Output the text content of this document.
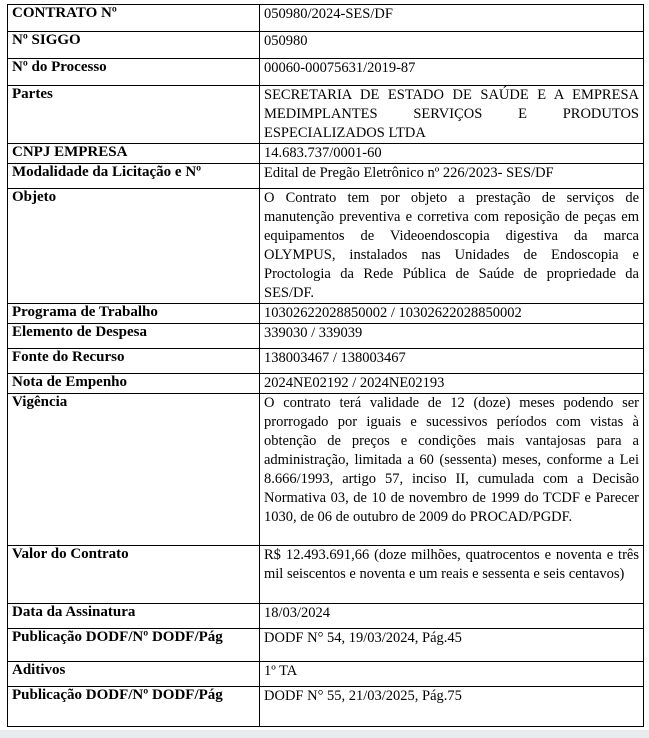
CONTRATO Nº	050980/2024-SES/DF
Nº SIGGO	050980
Nº do Processo	00060-00075631/2019-87
Partes	SECRETARIA DE ESTADO DE SAÚDE E A EMPRESA MEDIMPLANTES SERVIÇOS E PRODUTOS ESPECIALIZADOS LTDA
CNPJ EMPRESA	14.683.737/0001-60
Modalidade da Licitação e Nº	Edital de Pregão Eletrônico nº 226/2023- SES/DF
Objeto	O Contrato tem por objeto a prestação de serviços de manutenção preventiva e corretiva com reposição de peças em equipamentos de Videoendoscopia digestiva da marca OLYMPUS, instalados nas Unidades de Endoscopia e Proctologia da Rede Pública de Saúde de propriedade da SES/DF.
Programa de Trabalho	10302622028850002 / 10302622028850002
Elemento de Despesa	339030 / 339039
Fonte do Recurso	138003467 / 138003467
Nota de Empenho	2024NE02192 / 2024NE02193
Vigência	O contrato terá validade de 12 (doze) meses podendo ser prorrogado por iguais e sucessivos períodos com vistas à obtenção de preços e condições mais vantajosas para a administração, limitada a 60 (sessenta) meses, conforme a Lei 8.666/1993, artigo 57, inciso II, cumulada com a Decisão Normativa 03, de 10 de novembro de 1999 do TCDF e Parecer 1030, de 06 de outubro de 2009 do PROCAD/PGDF.
Valor do Contrato	R$ 12.493.691,66 (doze milhões, quatrocentos e noventa e três mil seiscentos e noventa e um reais e sessenta e seis centavos)
Data da Assinatura	18/03/2024
Publicação DODF/Nº DODF/Pág	DODF N° 54, 19/03/2024, Pág.45
Aditivos	1º TA
Publicação DODF/Nº DODF/Pág	DODF N° 55, 21/03/2025, Pág.75
